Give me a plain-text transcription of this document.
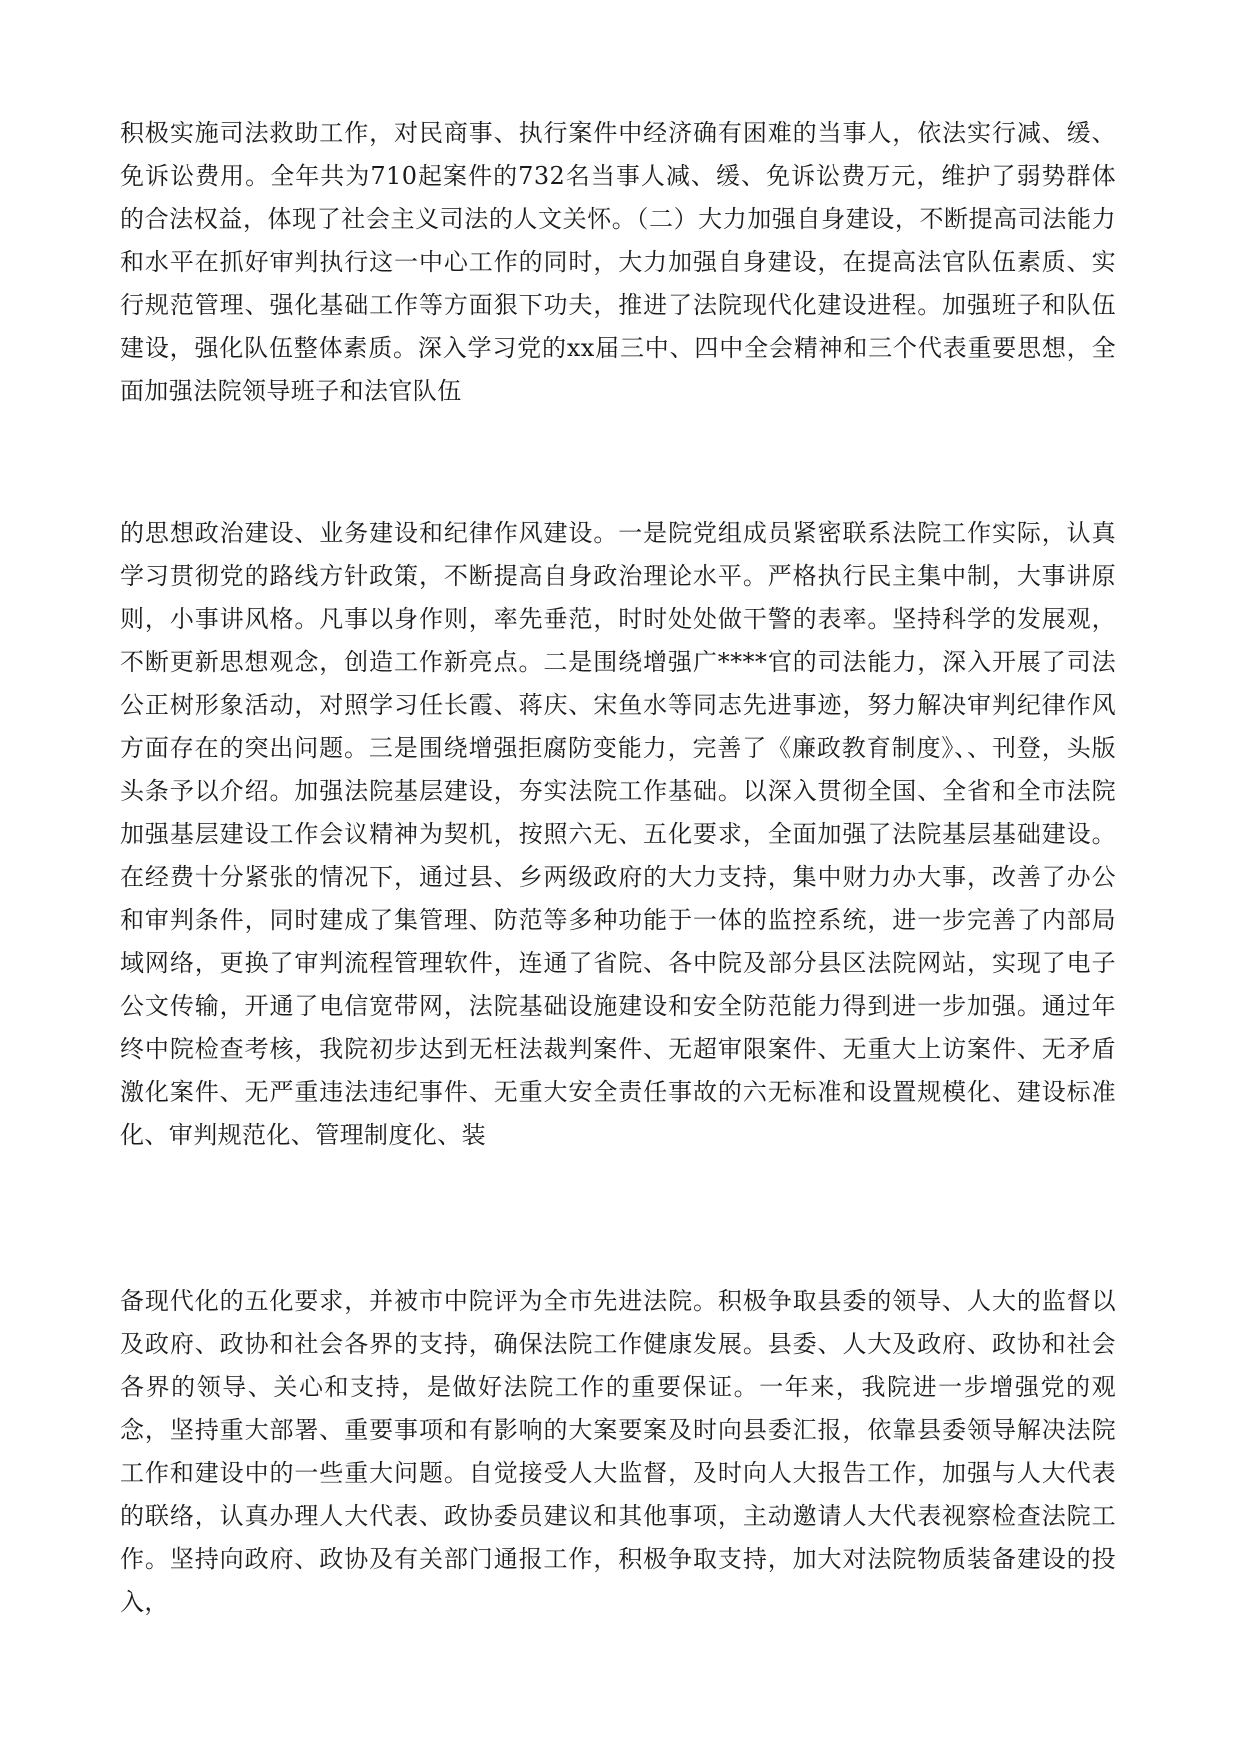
积极实施司法救助工作，对民商事、执行案件中经济确有困难的当事人，依法实行减、缓、免诉讼费用。全年共为710起案件的732名当事人减、缓、免诉讼费万元，维护了弱势群体的合法权益，体现了社会主义司法的人文关怀。（二）大力加强自身建设，不断提高司法能力和水平在抓好审判执行这一中心工作的同时，大力加强自身建设，在提高法官队伍素质、实行规范管理、强化基础工作等方面狠下功夫，推进了法院现代化建设进程。加强班子和队伍建设，强化队伍整体素质。深入学习党的xx届三中、四中全会精神和三个代表重要思想，全面加强法院领导班子和法官队伍

的思想政治建设、业务建设和纪律作风建设。一是院党组成员紧密联系法院工作实际，认真学习贯彻党的路线方针政策，不断提高自身政治理论水平。严格执行民主集中制，大事讲原则，小事讲风格。凡事以身作则，率先垂范，时时处处做干警的表率。坚持科学的发展观，不断更新思想观念，创造工作新亮点。二是围绕增强广****官的司法能力，深入开展了司法公正树形象活动，对照学习任长霞、蒋庆、宋鱼水等同志先进事迹，努力解决审判纪律作风方面存在的突出问题。三是围绕增强拒腐防变能力，完善了《廉政教育制度》、、刊登，头版头条予以介绍。加强法院基层建设，夯实法院工作基础。以深入贯彻全国、全省和全市法院加强基层建设工作会议精神为契机，按照六无、五化要求，全面加强了法院基层基础建设。在经费十分紧张的情况下，通过县、乡两级政府的大力支持，集中财力办大事，改善了办公和审判条件，同时建成了集管理、防范等多种功能于一体的监控系统，进一步完善了内部局域网络，更换了审判流程管理软件，连通了省院、各中院及部分县区法院网站，实现了电子公文传输，开通了电信宽带网，法院基础设施建设和安全防范能力得到进一步加强。通过年终中院检查考核，我院初步达到无枉法裁判案件、无超审限案件、无重大上访案件、无矛盾激化案件、无严重违法违纪事件、无重大安全责任事故的六无标准和设置规模化、建设标准化、审判规范化、管理制度化、装

备现代化的五化要求，并被市中院评为全市先进法院。积极争取县委的领导、人大的监督以及政府、政协和社会各界的支持，确保法院工作健康发展。县委、人大及政府、政协和社会各界的领导、关心和支持，是做好法院工作的重要保证。一年来，我院进一步增强党的观念，坚持重大部署、重要事项和有影响的大案要案及时向县委汇报，依靠县委领导解决法院工作和建设中的一些重大问题。自觉接受人大监督，及时向人大报告工作，加强与人大代表的联络，认真办理人大代表、政协委员建议和其他事项，主动邀请人大代表视察检查法院工作。坚持向政府、政协及有关部门通报工作，积极争取支持，加大对法院物质装备建设的投入，
